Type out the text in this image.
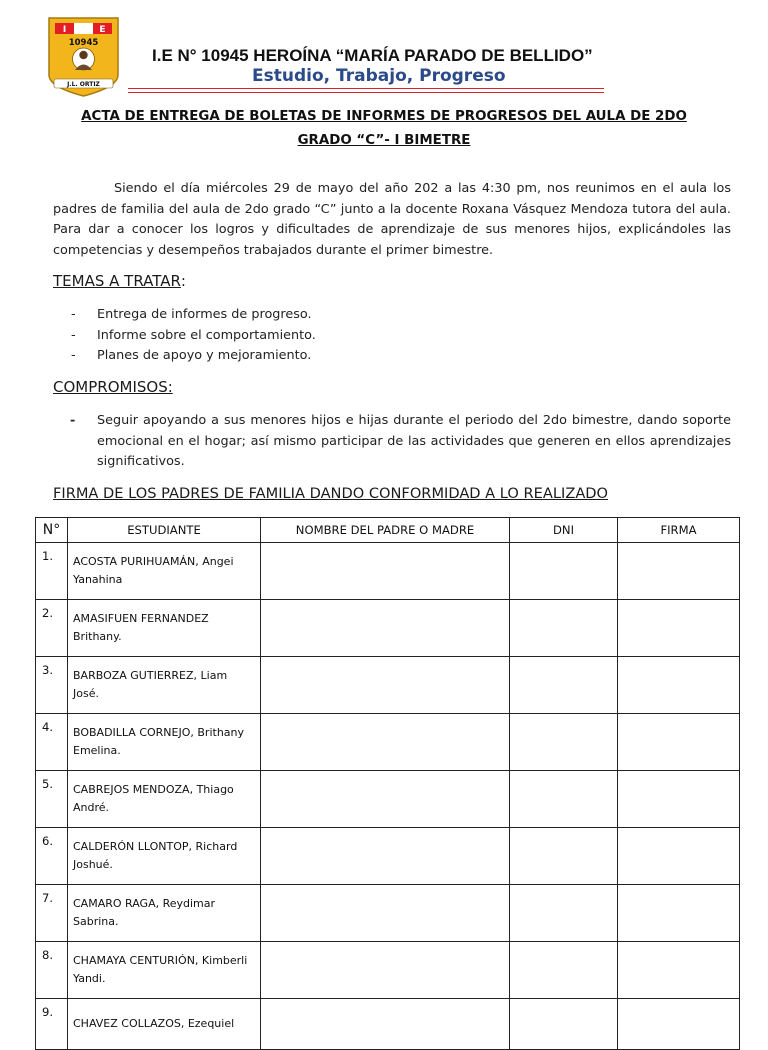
I	E
10945
J.L. ORTIZ
I.E N° 10945 HEROÍNA “MARÍA PARADO DE BELLIDO”
Estudio, Trabajo, Progreso
ACTA DE ENTREGA DE BOLETAS DE INFORMES DE PROGRESOS DEL AULA DE 2DO
GRADO “C”- I BIMETRE
Siendo el día miércoles 29 de mayo del año 202 a las 4:30 pm, nos reunimos en el aula los padres de familia del aula de 2do grado “C” junto a la docente Roxana Vásquez Mendoza tutora del aula. Para dar a conocer los logros y dificultades de aprendizaje de sus menores hijos, explicándoles las competencias y desempeños trabajados durante el primer bimestre.
TEMAS A TRATAR:
- Entrega de informes de progreso.
- Informe sobre el comportamiento.
- Planes de apoyo y mejoramiento.
COMPROMISOS:
- Seguir apoyando a sus menores hijos e hijas durante el periodo del 2do bimestre, dando soporte emocional en el hogar; así mismo participar de las actividades que generen en ellos aprendizajes significativos.
FIRMA DE LOS PADRES DE FAMILIA DANDO CONFORMIDAD A LO REALIZADO
N°	ESTUDIANTE	NOMBRE DEL PADRE O MADRE	DNI	FIRMA
1.	ACOSTA PURIHUAMÁN, Angei Yanahina			
2.	AMASIFUEN FERNANDEZ Brithany.			
3.	BARBOZA GUTIERREZ, Liam José.			
4.	BOBADILLA CORNEJO, Brithany Emelina.			
5.	CABREJOS MENDOZA, Thiago André.			
6.	CALDERÓN LLONTOP, Richard Joshué.			
7.	CAMARO RAGA, Reydimar Sabrina.			
8.	CHAMAYA CENTURIÓN, Kimberli Yandi.			
9.	CHAVEZ COLLAZOS, Ezequiel			
